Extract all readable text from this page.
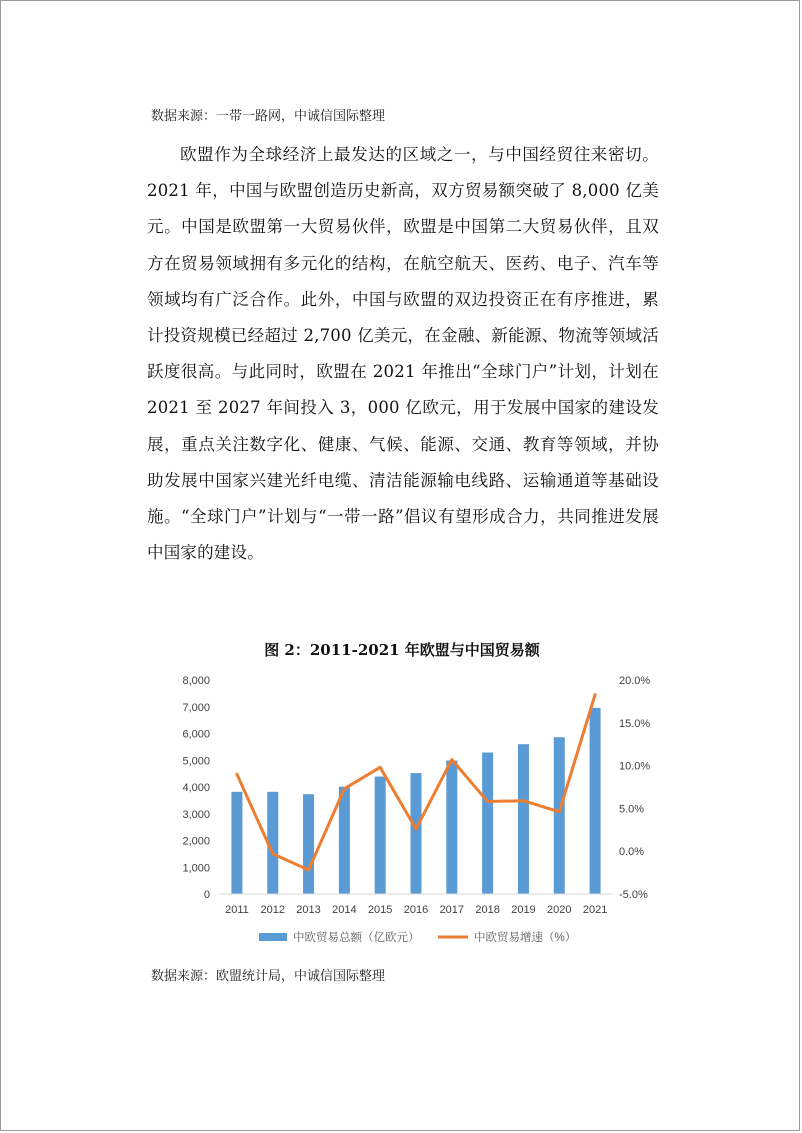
数据来源：一带一路网，中诚信国际整理

欧盟作为全球经济上最发达的区域之一，与中国经贸往来密切。2021 年，中国与欧盟创造历史新高，双方贸易额突破了 8,000 亿美元。中国是欧盟第一大贸易伙伴，欧盟是中国第二大贸易伙伴，且双方在贸易领域拥有多元化的结构，在航空航天、医药、电子、汽车等领域均有广泛合作。此外，中国与欧盟的双边投资正在有序推进，累计投资规模已经超过 2,700 亿美元，在金融、新能源、物流等领域活跃度很高。与此同时，欧盟在 2021 年推出“全球门户”计划，计划在 2021 至 2027 年间投入 3，000 亿欧元，用于发展中国家的建设发展，重点关注数字化、健康、气候、能源、交通、教育等领域，并协助发展中国家兴建光纤电缆、清洁能源输电线路、运输通道等基础设施。“全球门户”计划与“一带一路”倡议有望形成合力，共同推进发展中国家的建设。

图 2：2011-2021 年欧盟与中国贸易额
0
1,000
2,000
3,000
4,000
5,000
6,000
7,000
8,000
-5.0%
0.0%
5.0%
10.0%
15.0%
20.0%
2011 2012 2013 2014 2015 2016 2017 2018 2019 2020 2021
中欧贸易总额（亿欧元）	中欧贸易增速（%）
数据来源：欧盟统计局，中诚信国际整理
